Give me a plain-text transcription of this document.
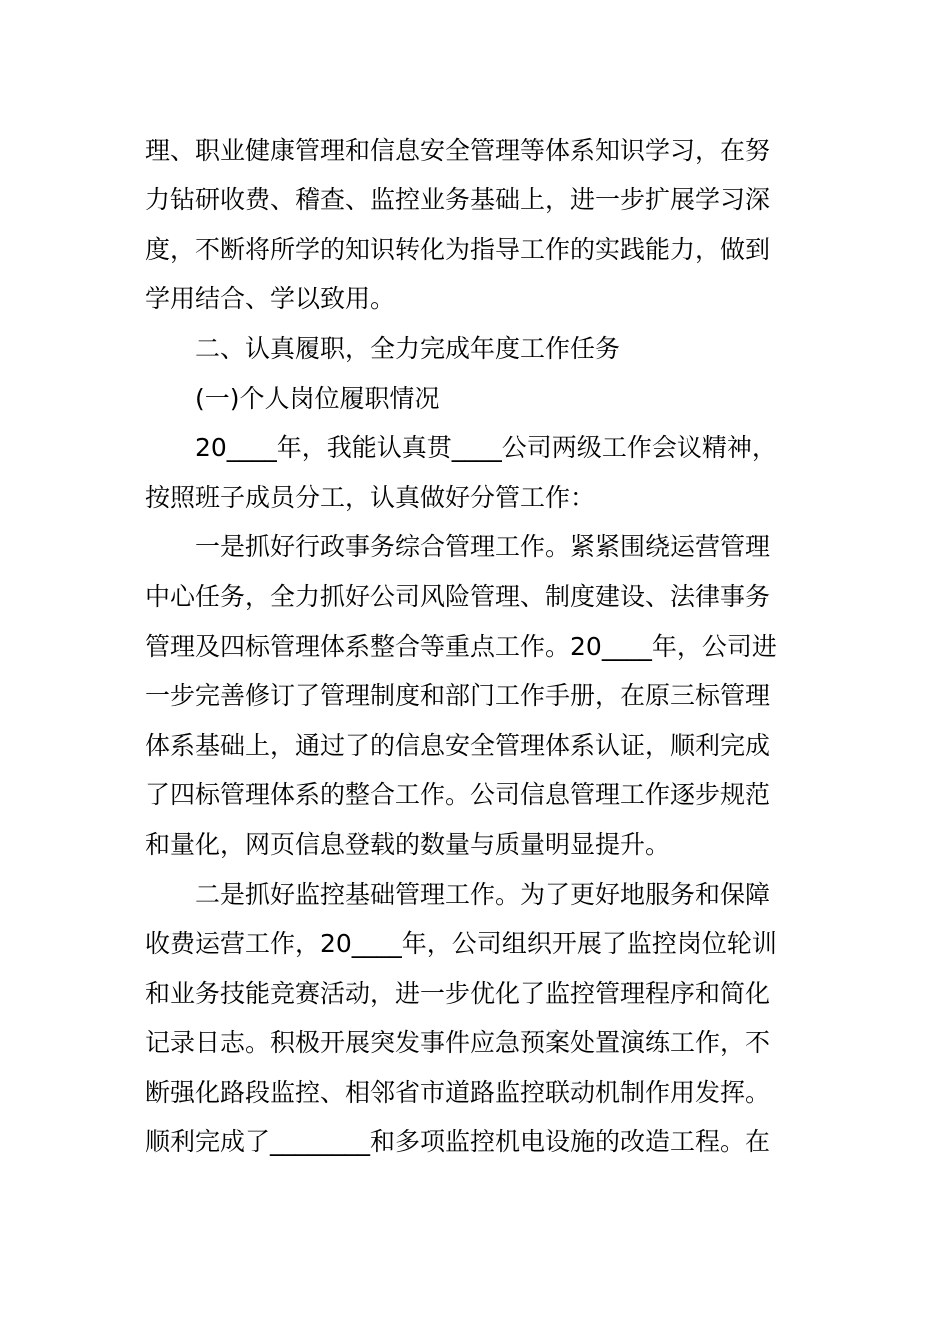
理、职业健康管理和信息安全管理等体系知识学习，在努
力钻研收费、稽查、监控业务基础上，进一步扩展学习深
度，不断将所学的知识转化为指导工作的实践能力，做到
学用结合、学以致用。
二、认真履职，全力完成年度工作任务
(一)个人岗位履职情况
20____年，我能认真贯____公司两级工作会议精神，
按照班子成员分工，认真做好分管工作：
一是抓好行政事务综合管理工作。紧紧围绕运营管理
中心任务，全力抓好公司风险管理、制度建设、法律事务
管理及四标管理体系整合等重点工作。20____年，公司进
一步完善修订了管理制度和部门工作手册，在原三标管理
体系基础上，通过了的信息安全管理体系认证，顺利完成
了四标管理体系的整合工作。公司信息管理工作逐步规范
和量化，网页信息登载的数量与质量明显提升。
二是抓好监控基础管理工作。为了更好地服务和保障
收费运营工作，20____年，公司组织开展了监控岗位轮训
和业务技能竞赛活动，进一步优化了监控管理程序和简化
记录日志。积极开展突发事件应急预案处置演练工作，不
断强化路段监控、相邻省市道路监控联动机制作用发挥。
顺利完成了________和多项监控机电设施的改造工程。在
